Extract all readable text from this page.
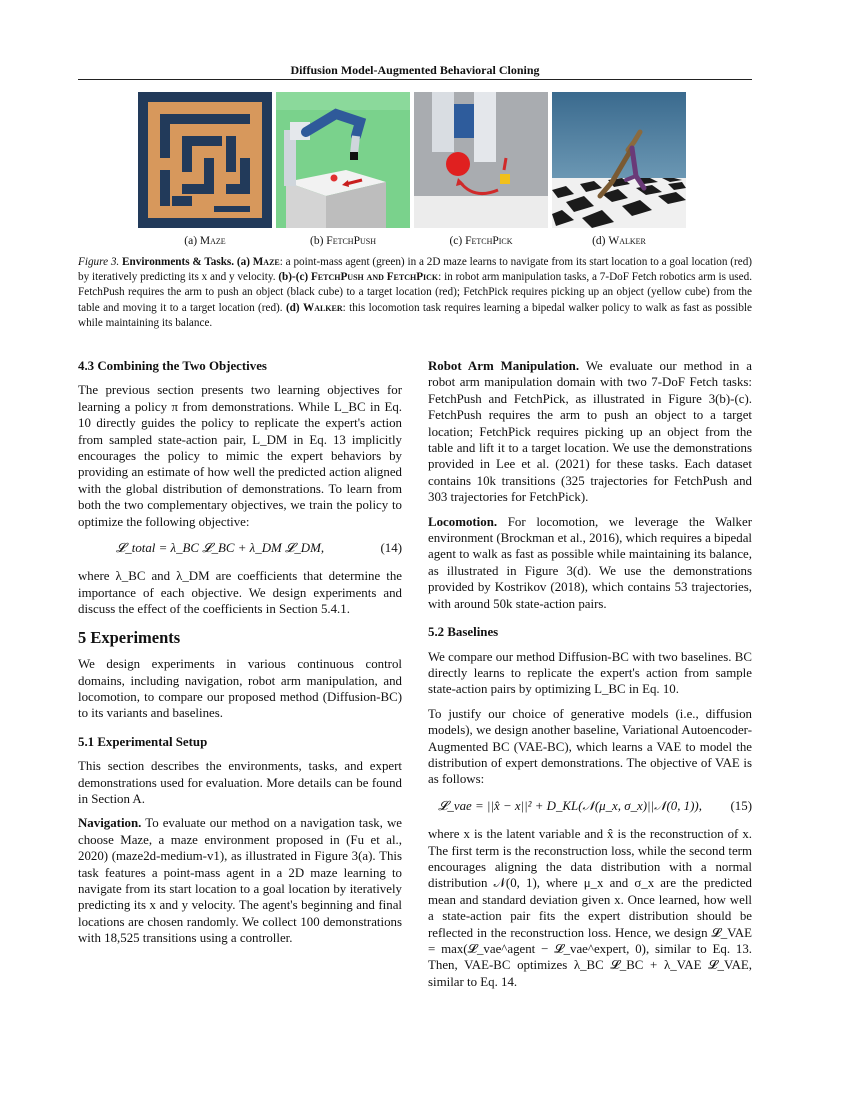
Diffusion Model-Augmented Behavioral Cloning
(a) Maze	(b) FetchPush	(c) FetchPick	(d) Walker

Figure 3. Environments & Tasks. (a) Maze: a point-mass agent (green) in a 2D maze learns to navigate from its start location to a goal location (red) by iteratively predicting its x and y velocity. (b)-(c) FetchPush and FetchPick: in robot arm manipulation tasks, a 7-DoF Fetch robotics arm is used. FetchPush requires the arm to push an object (black cube) to a target location (red); FetchPick requires picking up an object (yellow cube) from the table and moving it to a target location (red). (d) Walker: this locomotion task requires learning a bipedal walker policy to walk as fast as possible while maintaining its balance.

4.3 Combining the Two Objectives

The previous section presents two learning objectives for learning a policy π from demonstrations. While L_BC in Eq. 10 directly guides the policy to replicate the expert's action from sampled state-action pair, L_DM in Eq. 13 implicitly encourages the policy to mimic the expert behaviors by providing an estimate of how well the predicted action aligned with the global distribution of demonstrations. To learn from both the two complementary objectives, we train the policy to optimize the following objective:

𝓛_total = λ_BC 𝓛_BC + λ_DM 𝓛_DM,	(14)

where λ_BC and λ_DM are coefficients that determine the importance of each objective. We design experiments and discuss the effect of the coefficients in Section 5.4.1.

5 Experiments

We design experiments in various continuous control domains, including navigation, robot arm manipulation, and locomotion, to compare our proposed method (Diffusion-BC) to its variants and baselines.

5.1 Experimental Setup

This section describes the environments, tasks, and expert demonstrations used for evaluation. More details can be found in Section A.

Navigation. To evaluate our method on a navigation task, we choose Maze, a maze environment proposed in (Fu et al., 2020) (maze2d-medium-v1), as illustrated in Figure 3(a). This task features a point-mass agent in a 2D maze learning to navigate from its start location to a goal location by iteratively predicting its x and y velocity. The agent's beginning and final locations are chosen randomly. We collect 100 demonstrations with 18,525 transitions using a controller.

Robot Arm Manipulation. We evaluate our method in a robot arm manipulation domain with two 7-DoF Fetch tasks: FetchPush and FetchPick, as illustrated in Figure 3(b)-(c). FetchPush requires the arm to push an object to a target location; FetchPick requires picking up an object from the table and lift it to a target location. We use the demonstrations provided in Lee et al. (2021) for these tasks. Each dataset contains 10k transitions (325 trajectories for FetchPush and 303 trajectories for FetchPick).

Locomotion. For locomotion, we leverage the Walker environment (Brockman et al., 2016), which requires a bipedal agent to walk as fast as possible while maintaining its balance, as illustrated in Figure 3(d). We use the demonstrations provided by Kostrikov (2018), which contains 53 trajectories, with around 50k state-action pairs.

5.2 Baselines

We compare our method Diffusion-BC with two baselines. BC directly learns to replicate the expert's action from sample state-action pairs by optimizing L_BC in Eq. 10.

To justify our choice of generative models (i.e., diffusion models), we design another baseline, Variational Autoencoder-Augmented BC (VAE-BC), which learns a VAE to model the distribution of expert demonstrations. The objective of VAE is as follows:

𝓛_vae = ||x̂ − x||² + D_KL(𝒩(μ_x, σ_x)||𝒩(0, 1)),	(15)

where x is the latent variable and x̂ is the reconstruction of x. The first term is the reconstruction loss, while the second term encourages aligning the data distribution with a normal distribution 𝒩(0, 1), where μ_x and σ_x are the predicted mean and standard deviation given x. Once learned, how well a state-action pair fits the expert distribution should be reflected in the reconstruction loss. Hence, we design 𝓛_VAE = max(𝓛_vae^agent − 𝓛_vae^expert, 0), similar to Eq. 13. Then, VAE-BC optimizes λ_BC 𝓛_BC + λ_VAE 𝓛_VAE, similar to Eq. 14.
